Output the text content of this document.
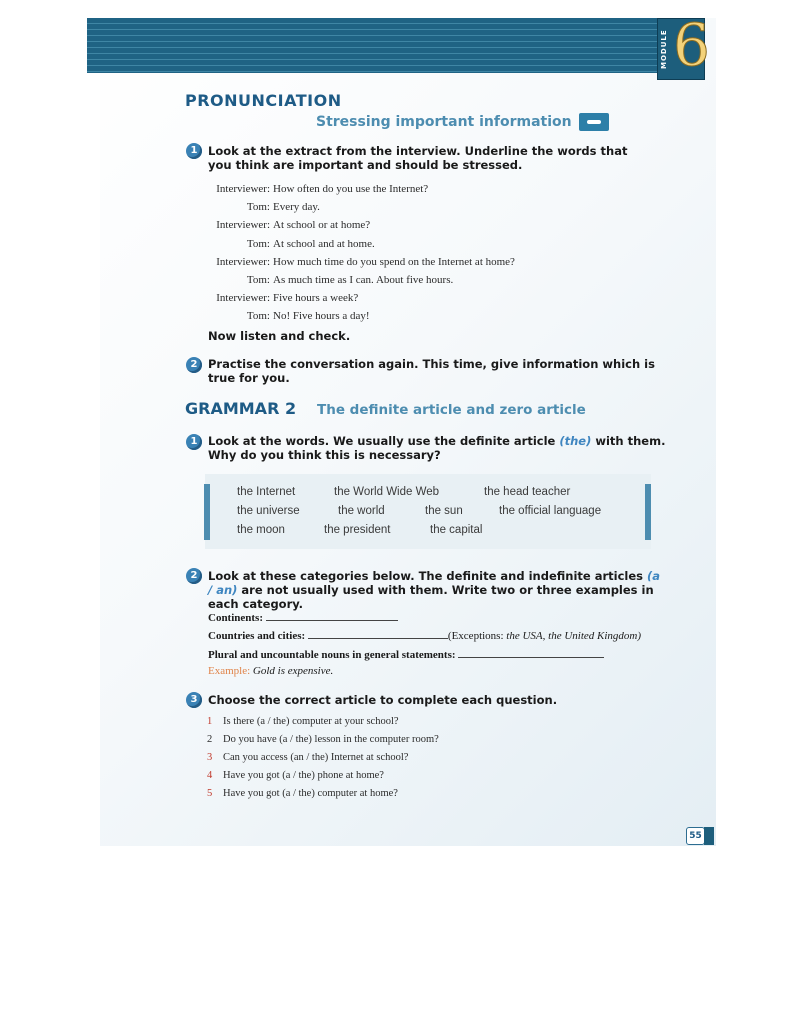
MODULE 6
PRONUNCIATION
Stressing important information
1 Look at the extract from the interview. Underline the words that you think are important and should be stressed.

Interviewer: How often do you use the Internet?
Tom: Every day.
Interviewer: At school or at home?
Tom: At school and at home.
Interviewer: How much time do you spend on the Internet at home?
Tom: As much time as I can. About five hours.
Interviewer: Five hours a week?
Tom: No! Five hours a day!

Now listen and check.

2 Practise the conversation again. This time, give information which is true for you.

GRAMMAR 2 The definite article and zero article
1 Look at the words. We usually use the definite article (the) with them. Why do you think this is necessary?

the Internet	the World Wide Web	the head teacher
the universe	the world	the sun	the official language
the moon	the president	the capital
2 Look at these categories below. The definite and indefinite articles (a / an) are not usually used with them. Write two or three examples in each category.

Continents:
Countries and cities:	(Exceptions: the USA, the United Kingdom)
Plural and uncountable nouns in general statements:
Example: Gold is expensive.
3 Choose the correct article to complete each question.

1 Is there (a / the) computer at your school?
2 Do you have (a / the) lesson in the computer room?
3 Can you access (an / the) Internet at school?
4 Have you got (a / the) phone at home?
5 Have you got (a / the) computer at home?
55
